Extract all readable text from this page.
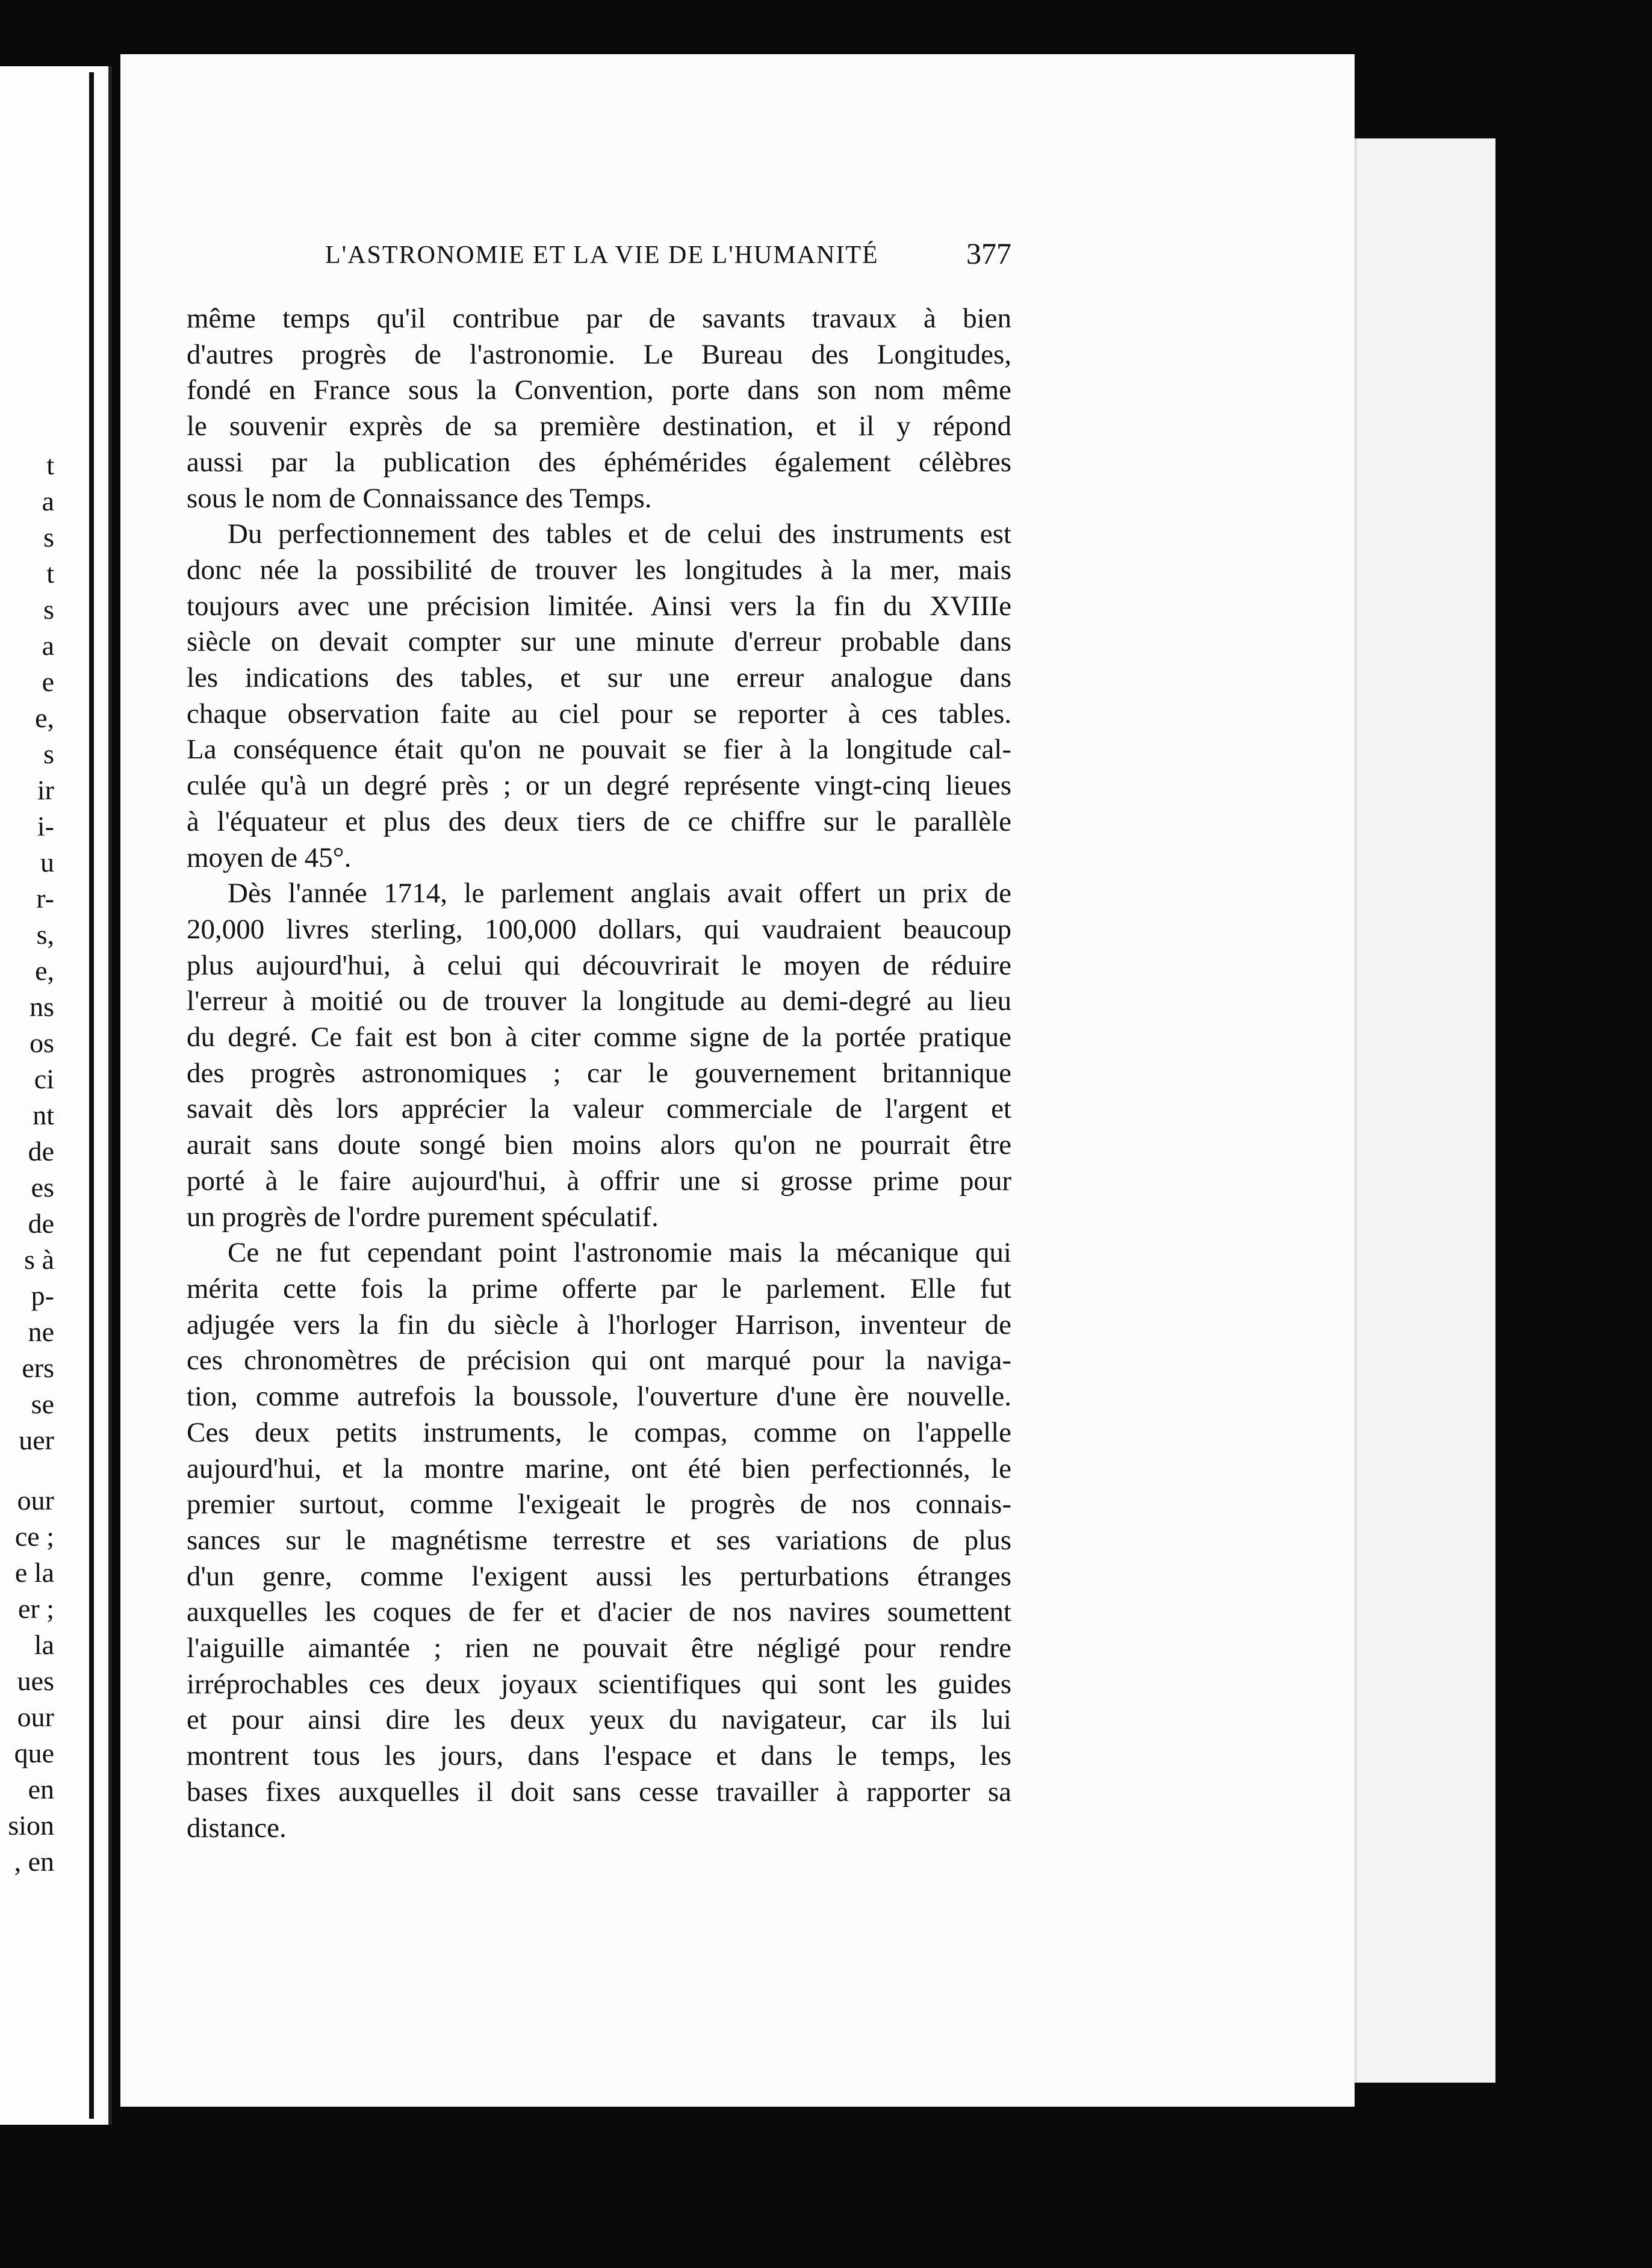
t
a
s
t
s
a
e
e,
s
ir
i-
u
r-
s,
e,
ns
os
ci
nt
de
es
de
s à
p-
ne
ers
se
uer
our
ce ;
e la
er ;
la
ues
our
que
en
sion
, en
L'ASTRONOMIE ET LA VIE DE L'HUMANITÉ	377
même temps qu'il contribue par de savants travaux à bien
d'autres progrès de l'astronomie. Le Bureau des Longitudes,
fondé en France sous la Convention, porte dans son nom même
le souvenir exprès de sa première destination, et il y répond
aussi par la publication des éphémérides également célèbres
sous le nom de Connaissance des Temps.
Du perfectionnement des tables et de celui des instruments est
donc née la possibilité de trouver les longitudes à la mer, mais
toujours avec une précision limitée. Ainsi vers la fin du XVIIIe
siècle on devait compter sur une minute d'erreur probable dans
les indications des tables, et sur une erreur analogue dans
chaque observation faite au ciel pour se reporter à ces tables.
La conséquence était qu'on ne pouvait se fier à la longitude cal-
culée qu'à un degré près ; or un degré représente vingt-cinq lieues
à l'équateur et plus des deux tiers de ce chiffre sur le parallèle
moyen de 45°.
Dès l'année 1714, le parlement anglais avait offert un prix de
20,000 livres sterling, 100,000 dollars, qui vaudraient beaucoup
plus aujourd'hui, à celui qui découvrirait le moyen de réduire
l'erreur à moitié ou de trouver la longitude au demi-degré au lieu
du degré. Ce fait est bon à citer comme signe de la portée pratique
des progrès astronomiques ; car le gouvernement britannique
savait dès lors apprécier la valeur commerciale de l'argent et
aurait sans doute songé bien moins alors qu'on ne pourrait être
porté à le faire aujourd'hui, à offrir une si grosse prime pour
un progrès de l'ordre purement spéculatif.
Ce ne fut cependant point l'astronomie mais la mécanique qui
mérita cette fois la prime offerte par le parlement. Elle fut
adjugée vers la fin du siècle à l'horloger Harrison, inventeur de
ces chronomètres de précision qui ont marqué pour la naviga-
tion, comme autrefois la boussole, l'ouverture d'une ère nouvelle.
Ces deux petits instruments, le compas, comme on l'appelle
aujourd'hui, et la montre marine, ont été bien perfectionnés, le
premier surtout, comme l'exigeait le progrès de nos connais-
sances sur le magnétisme terrestre et ses variations de plus
d'un genre, comme l'exigent aussi les perturbations étranges
auxquelles les coques de fer et d'acier de nos navires soumettent
l'aiguille aimantée ; rien ne pouvait être négligé pour rendre
irréprochables ces deux joyaux scientifiques qui sont les guides
et pour ainsi dire les deux yeux du navigateur, car ils lui
montrent tous les jours, dans l'espace et dans le temps, les
bases fixes auxquelles il doit sans cesse travailler à rapporter sa
distance.
